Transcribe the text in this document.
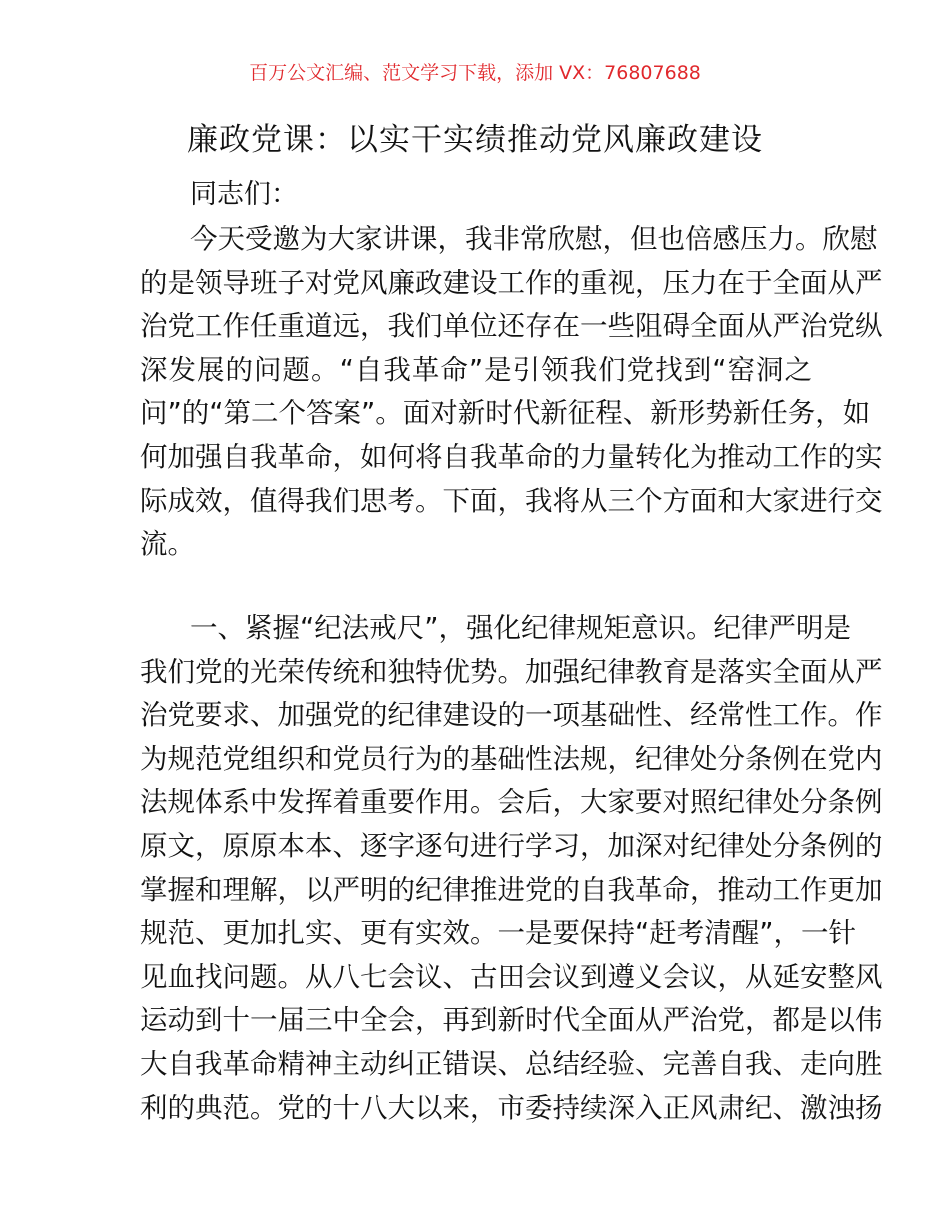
百万公文汇编、范文学习下载，添加 VX：76807688
廉政党课：以实干实绩推动党风廉政建设
同志们：
今天受邀为大家讲课，我非常欣慰，但也倍感压力。欣慰
的是领导班子对党风廉政建设工作的重视，压力在于全面从严
治党工作任重道远，我们单位还存在一些阻碍全面从严治党纵
深发展的问题。“自我革命”是引领我们党找到“窑洞之
问”的“第二个答案”。面对新时代新征程、新形势新任务，如
何加强自我革命，如何将自我革命的力量转化为推动工作的实
际成效，值得我们思考。下面，我将从三个方面和大家进行交
流。
一、紧握“纪法戒尺”，强化纪律规矩意识。纪律严明是
我们党的光荣传统和独特优势。加强纪律教育是落实全面从严
治党要求、加强党的纪律建设的一项基础性、经常性工作。作
为规范党组织和党员行为的基础性法规，纪律处分条例在党内
法规体系中发挥着重要作用。会后，大家要对照纪律处分条例
原文，原原本本、逐字逐句进行学习，加深对纪律处分条例的
掌握和理解，以严明的纪律推进党的自我革命，推动工作更加
规范、更加扎实、更有实效。一是要保持“赶考清醒”，一针
见血找问题。从八七会议、古田会议到遵义会议，从延安整风
运动到十一届三中全会，再到新时代全面从严治党，都是以伟
大自我革命精神主动纠正错误、总结经验、完善自我、走向胜
利的典范。党的十八大以来，市委持续深入正风肃纪、激浊扬
